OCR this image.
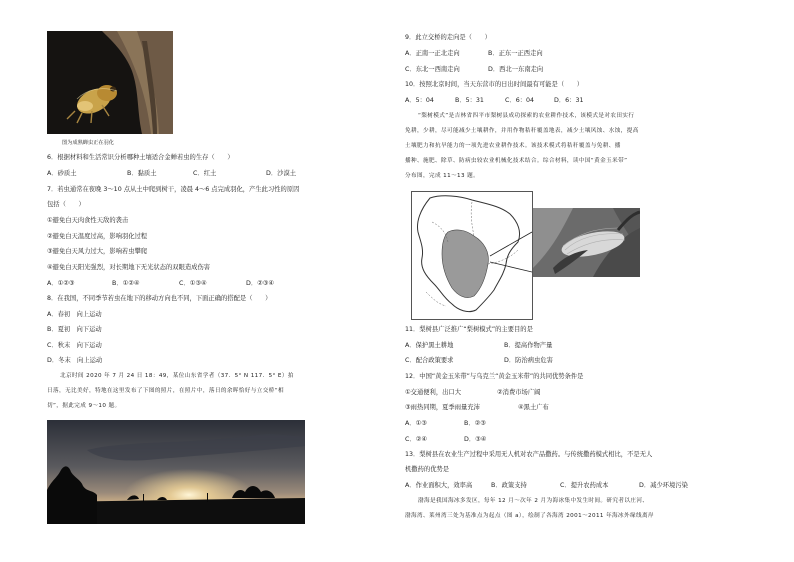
图为成熟蝉虫正在羽化
6．根据材料和生活常识分析哪种土壤适合金蝉若虫的生存（　　）
A．砂质土	B．黏质土	C．红土	D．沙漠土
7．若虫通常在夜晚 3～10 点从土中爬到树干，凌晨 4～6 点完成羽化，产生此习性的原因
包括（　　）
①避免白天肉食性天敌的袭击
②避免白天温度过高，影响羽化过程
③避免白天风力过大，影响若虫攀爬
④避免白天阳光强烈，对长期地下无光状态的双眼造成伤害
A．①②③	B．①②④	C．①③④	D．②③④
8．在我国，不同季节若虫在地下的移动方向也不同，下面正确的搭配是（　　）
A．春初　向上运动
B．夏初　向下运动
C．秋末　向下运动
D．冬末　向上运动
北京时间 2020 年 7 月 24 日 18：49，某位山东省学者（37．5° N 117．5° E）拍
日落，无比美好，特地在这里发布了下图的照片，在照片中，落日的余晖恰好与立交桥“相
切”，据此完成 9～10 题。
9．此立交桥的走向是（　　）
A．正南一正北走向	B．正东一正西走向
C．东北一西南走向	D．西北一东南走向
10．按照北京时间，当天东营市的日出时间最有可能是（　　）
A．5：04	B．5：31	C．6：04	D．6：31
“梨树模式”是吉林省四平市梨树县成功探索的农业耕作技术，该模式是对农田实行
免耕，少耕，尽可能减少土壤耕作，并用作物秸秆覆盖地表，减少土壤风蚀、水蚀，提高
土壤肥力和抗旱能力的一项先进农业耕作技术。该技术模式将秸秆覆盖与免耕、播
播种、施肥、除草、防病虫较农业机械化技术结合。综合材料，读中国“黄金玉米带”
分布图，完成 11～13 题。
11．梨树县广泛推广“梨树模式”的主要目的是
A．保护黑土耕地	B．提高作物产量
C．配合政策要求	D．防治病虫危害
12．中国“黄金玉米带”与乌克兰“黄金玉米带”的共同优势条件是
①交通便利，出口大	②消费市场广阔
③雨热同期，夏季雨量充沛	④黑土广布
A．①③	B．②③
C．②④	D．③④
13．梨树县在农业生产过程中采用无人机对农产品撒药。与传统撒药模式相比，不是无人
机撒药的优势是
A．作业面积大，效率高	B．政策支持	C．提升农药成本	D．减少环境污染
渤海是我国海冰多发区，每年 12 月～次年 2 月为海冰集中发生时间。研究者以庄河、
渤海湾、莱州湾三处为基准点为起点（图 a），绘制了各海湾 2001～2011 年海冰外缘线离岸
